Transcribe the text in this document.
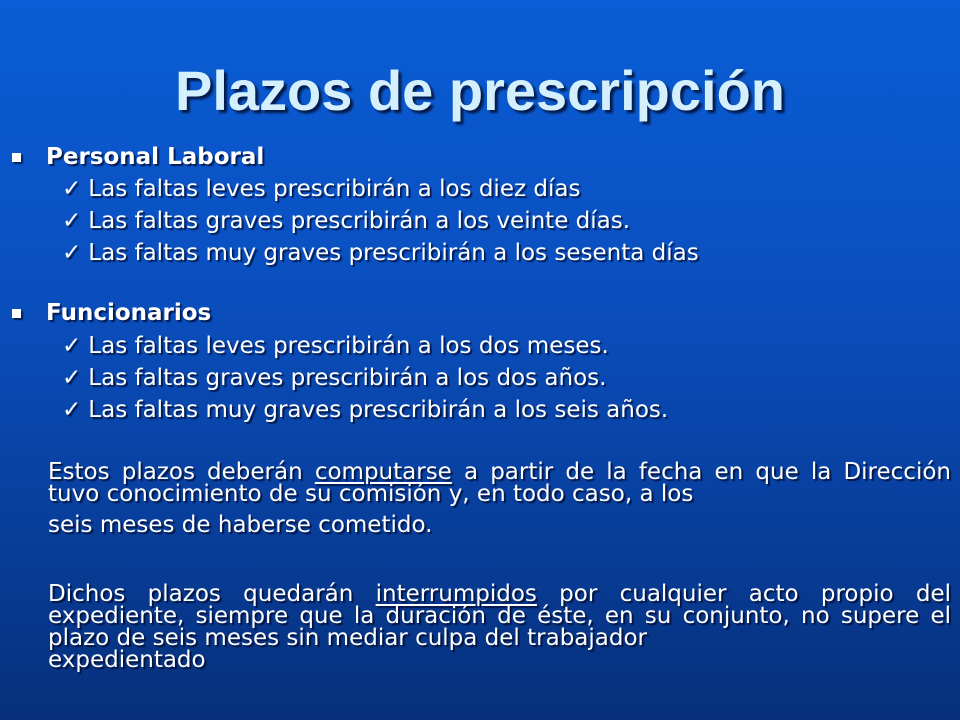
Plazos de prescripción
Personal Laboral
✓ Las faltas leves prescribirán a los diez días
✓ Las faltas graves prescribirán a los veinte días.
✓ Las faltas muy graves prescribirán a los sesenta días
Funcionarios
✓ Las faltas leves prescribirán a los dos meses.
✓ Las faltas graves prescribirán a los dos años.
✓ Las faltas muy graves prescribirán a los seis años.
Estos plazos deberán computarse a partir de la fecha en que la Dirección tuvo conocimiento de su comisión y, en todo caso, a los
seis meses de haberse cometido.
Dichos plazos quedarán interrumpidos por cualquier acto propio del expediente, siempre que la duración de éste, en su conjunto, no supere el plazo de seis meses sin mediar culpa del trabajador
expedientado
